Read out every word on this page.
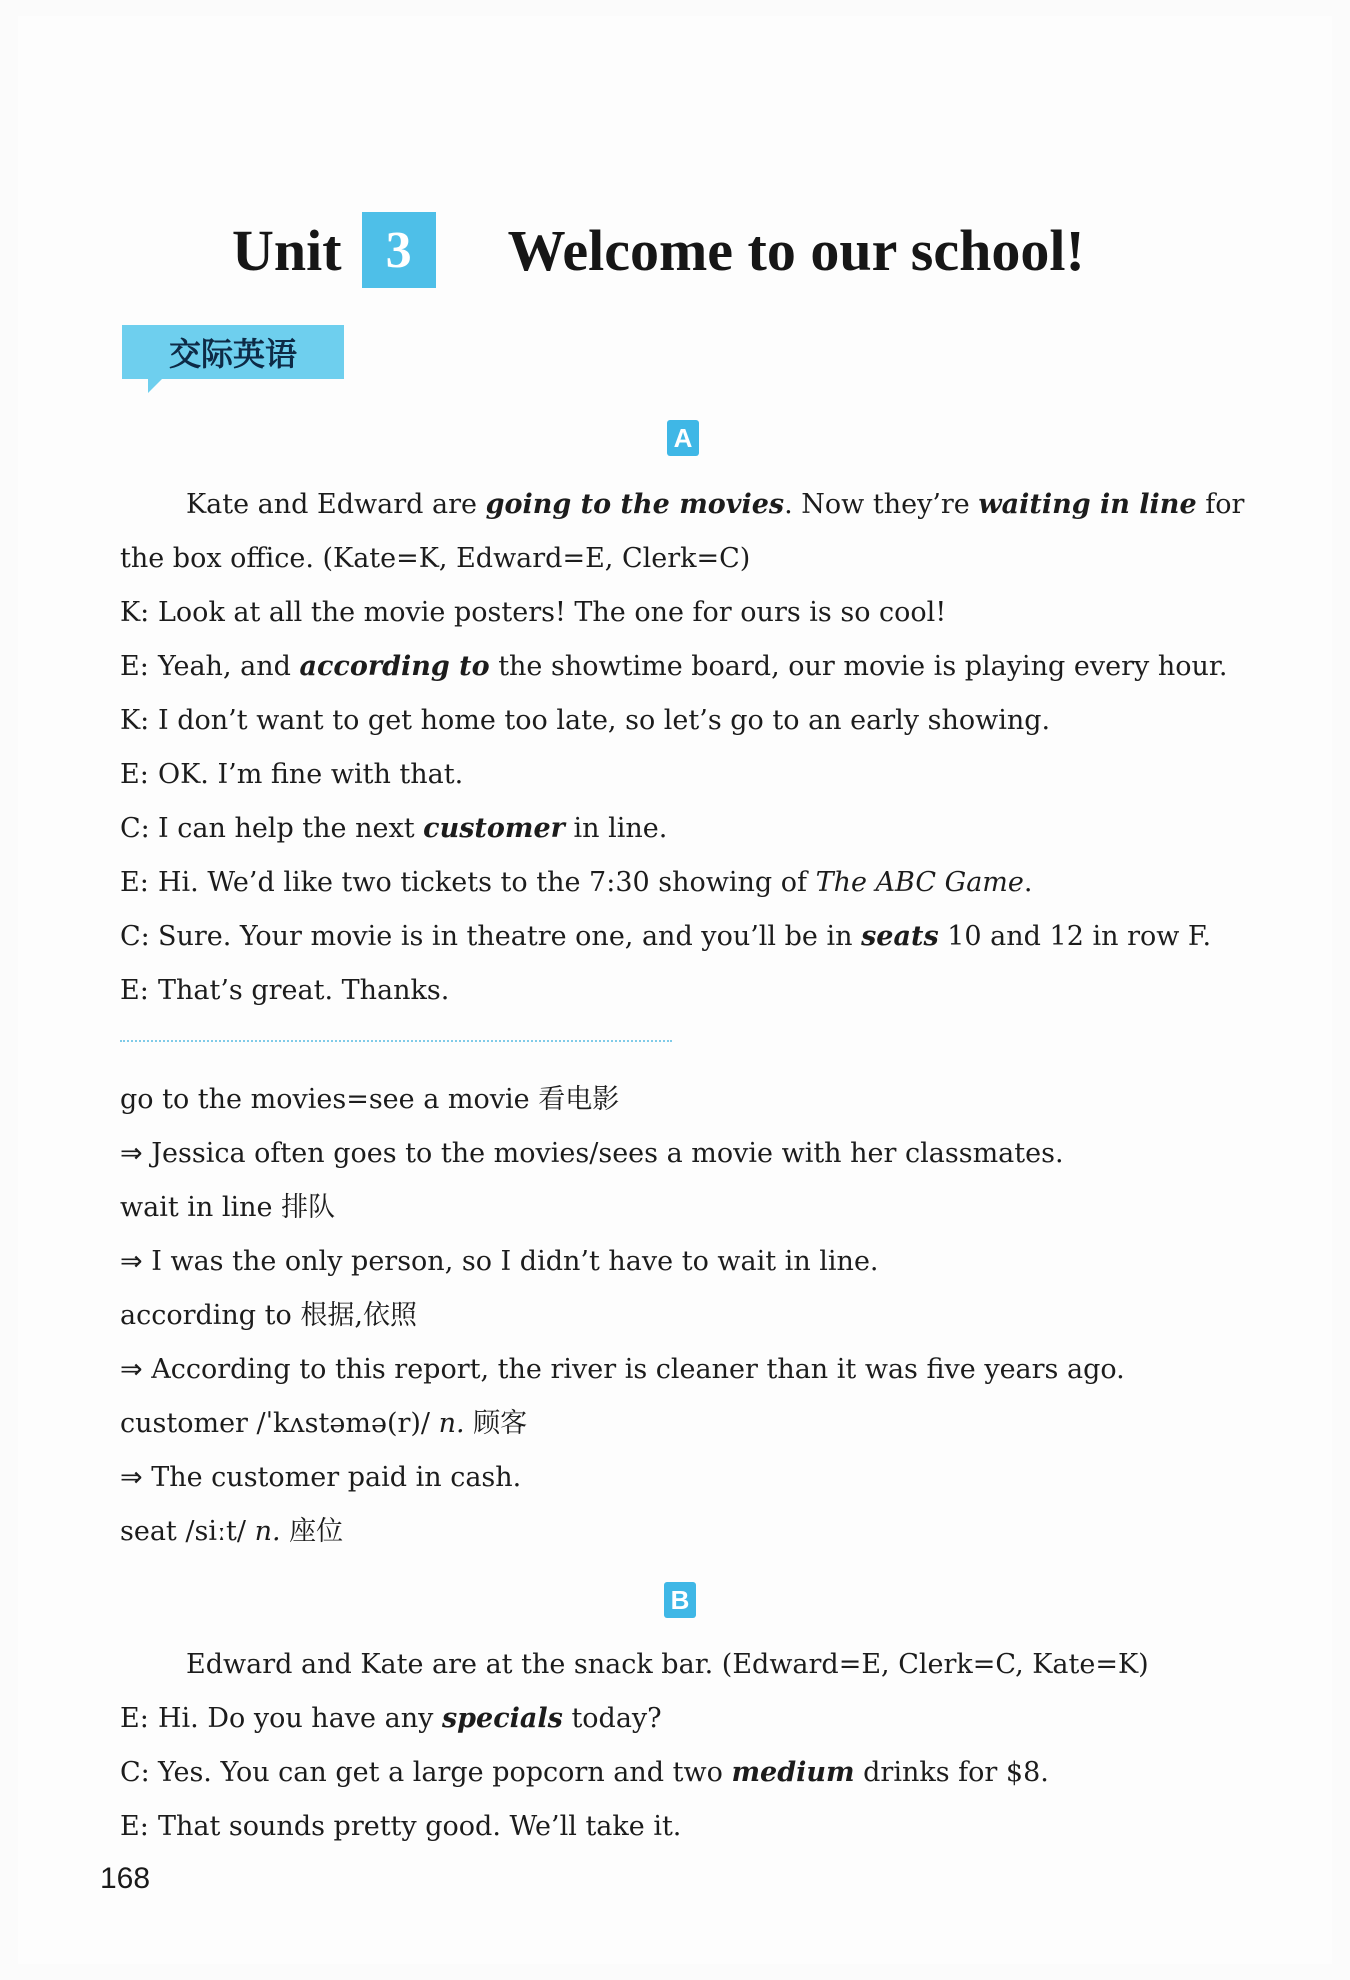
Unit 3	Welcome to our school!
交际英语
A

Kate and Edward are going to the movies. Now they’re waiting in line for the box office. (Kate=K, Edward=E, Clerk=C)

K: Look at all the movie posters! The one for ours is so cool!

E: Yeah, and according to the showtime board, our movie is playing every hour.

K: I don’t want to get home too late, so let’s go to an early showing.

E: OK. I’m fine with that.

C: I can help the next customer in line.

E: Hi. We’d like two tickets to the 7:30 showing of The ABC Game.

C: Sure. Your movie is in theatre one, and you’ll be in seats 10 and 12 in row F.

E: That’s great. Thanks.

go to the movies=see a movie 看电影

⇒ Jessica often goes to the movies/sees a movie with her classmates.

wait in line 排队

⇒ I was the only person, so I didn’t have to wait in line.

according to 根据,依照

⇒ According to this report, the river is cleaner than it was five years ago.

customer /ˈkʌstəmə(r)/ n. 顾客

⇒ The customer paid in cash.

seat /siːt/ n. 座位

B

Edward and Kate are at the snack bar. (Edward=E, Clerk=C, Kate=K)

E: Hi. Do you have any specials today?

C: Yes. You can get a large popcorn and two medium drinks for $8.

E: That sounds pretty good. We’ll take it.

168
